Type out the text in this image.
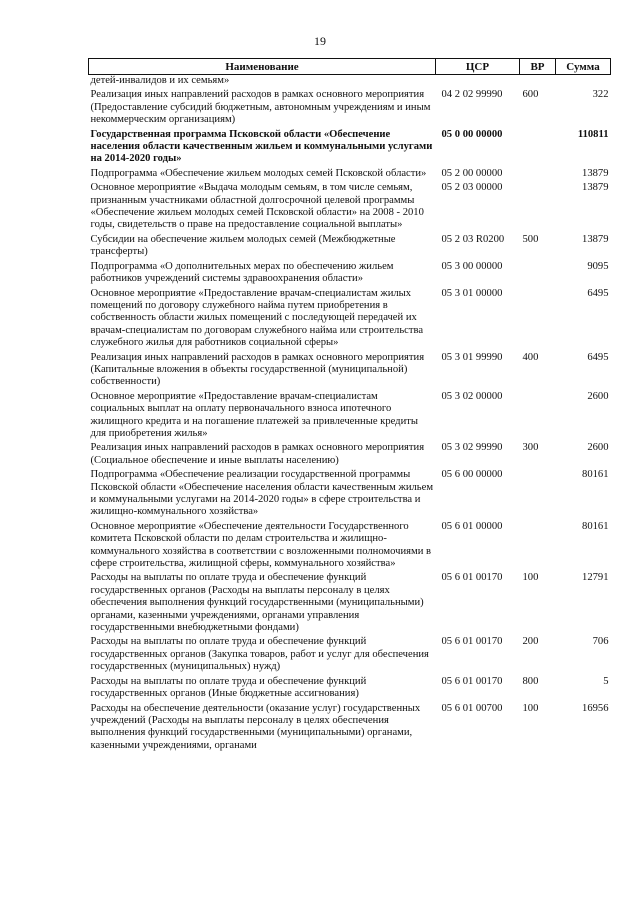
19
Наименование	ЦСР	ВР	Сумма
детей-инвалидов и их семьям»			
Реализация иных направлений расходов в рамках основного мероприятия (Предоставление субсидий бюджетным, автономным учреждениям и иным некоммерческим организациям)	04 2 02 99990	600	322
Государственная программа Псковской области «Обеспечение населения области качественным жильем и коммунальными услугами на 2014-2020 годы»	05 0 00 00000		110811
Подпрограмма «Обеспечение жильем молодых семей Псковской области»	05 2 00 00000		13879
Основное мероприятие «Выдача молодым семьям, в том числе семьям, признанным участниками областной долгосрочной целевой программы «Обеспечение жильем молодых семей Псковской области» на 2008 - 2010 годы, свидетельств о праве на предоставление социальной выплаты»	05 2 03 00000		13879
Субсидии на обеспечение жильем молодых семей (Межбюджетные трансферты)	05 2 03 R0200	500	13879
Подпрограмма «О дополнительных мерах по обеспечению жильем работников учреждений системы здравоохранения области»	05 3 00 00000		9095
Основное мероприятие «Предоставление врачам-специалистам жилых помещений по договору служебного найма путем приобретения в собственность области жилых помещений с последующей передачей их врачам-специалистам по договорам служебного найма или строительства служебного жилья для работников социальной сферы»	05 3 01 00000		6495
Реализация иных направлений расходов в рамках основного мероприятия (Капитальные вложения в объекты государственной (муниципальной) собственности)	05 3 01 99990	400	6495
Основное мероприятие «Предоставление врачам-специалистам социальных выплат на оплату первоначального взноса ипотечного жилищного кредита и на погашение платежей за привлеченные кредиты для приобретения жилья»	05 3 02 00000		2600
Реализация иных направлений расходов в рамках основного мероприятия (Социальное обеспечение и иные выплаты населению)	05 3 02 99990	300	2600
Подпрограмма «Обеспечение реализации государственной программы Псковской области «Обеспечение населения области качественным жильем и коммунальными услугами на 2014-2020 годы» в сфере строительства и жилищно-коммунального хозяйства»	05 6 00 00000		80161
Основное мероприятие «Обеспечение деятельности Государственного комитета Псковской области по делам строительства и жилищно-коммунального хозяйства в соответствии с возложенными полномочиями в сфере строительства, жилищной сферы, коммунального хозяйства»	05 6 01 00000		80161
Расходы на выплаты по оплате труда и обеспечение функций государственных органов (Расходы на выплаты персоналу в целях обеспечения выполнения функций государственными (муниципальными) органами, казенными учреждениями, органами управления государственными внебюджетными фондами)	05 6 01 00170	100	12791
Расходы на выплаты по оплате труда и обеспечение функций государственных органов (Закупка товаров, работ и услуг для обеспечения государственных (муниципальных) нужд)	05 6 01 00170	200	706
Расходы на выплаты по оплате труда и обеспечение функций государственных органов (Иные бюджетные ассигнования)	05 6 01 00170	800	5
Расходы на обеспечение деятельности (оказание услуг) государственных учреждений (Расходы на выплаты персоналу в целях обеспечения выполнения функций государственными (муниципальными) органами, казенными учреждениями, органами	05 6 01 00700	100	16956
